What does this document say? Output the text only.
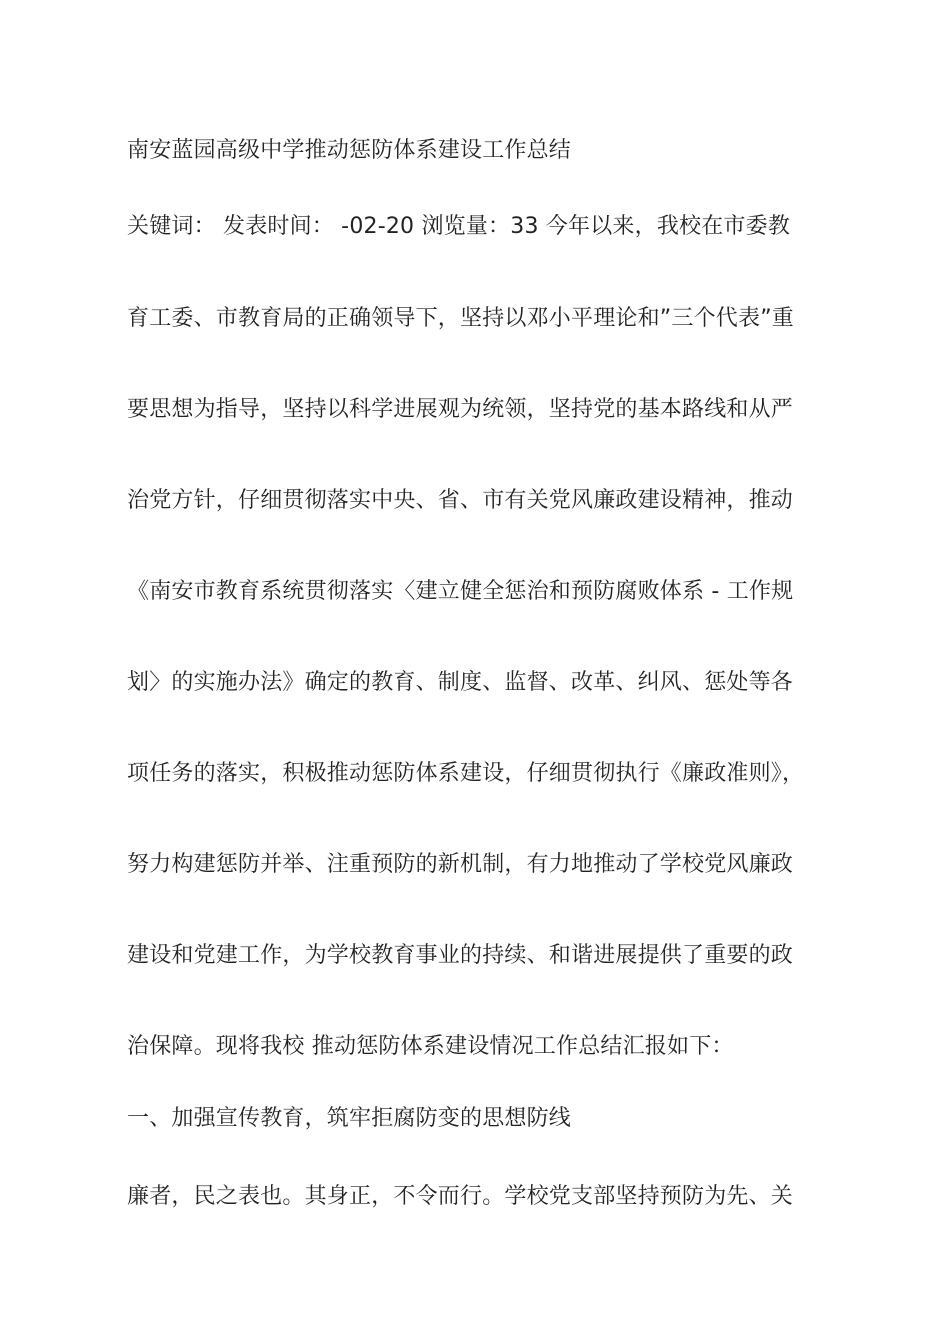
南安蓝园高级中学推动惩防体系建设工作总结
关键词： 发表时间： -02-20 浏览量：33 今年以来，我校在市委教
育工委、市教育局的正确领导下，坚持以邓小平理论和”三个代表”重
要思想为指导，坚持以科学进展观为统领，坚持党的基本路线和从严
治党方针，仔细贯彻落实中央、省、市有关党风廉政建设精神，推动
《南安市教育系统贯彻落实〈建立健全惩治和预防腐败体系 - 工作规
划〉的实施办法》确定的教育、制度、监督、改革、纠风、惩处等各
项任务的落实，积极推动惩防体系建设，仔细贯彻执行《廉政准则》，
努力构建惩防并举、注重预防的新机制，有力地推动了学校党风廉政
建设和党建工作，为学校教育事业的持续、和谐进展提供了重要的政
治保障。现将我校 推动惩防体系建设情况工作总结汇报如下：
一、加强宣传教育，筑牢拒腐防变的思想防线
廉者，民之表也。其身正，不令而行。学校党支部坚持预防为先、关
